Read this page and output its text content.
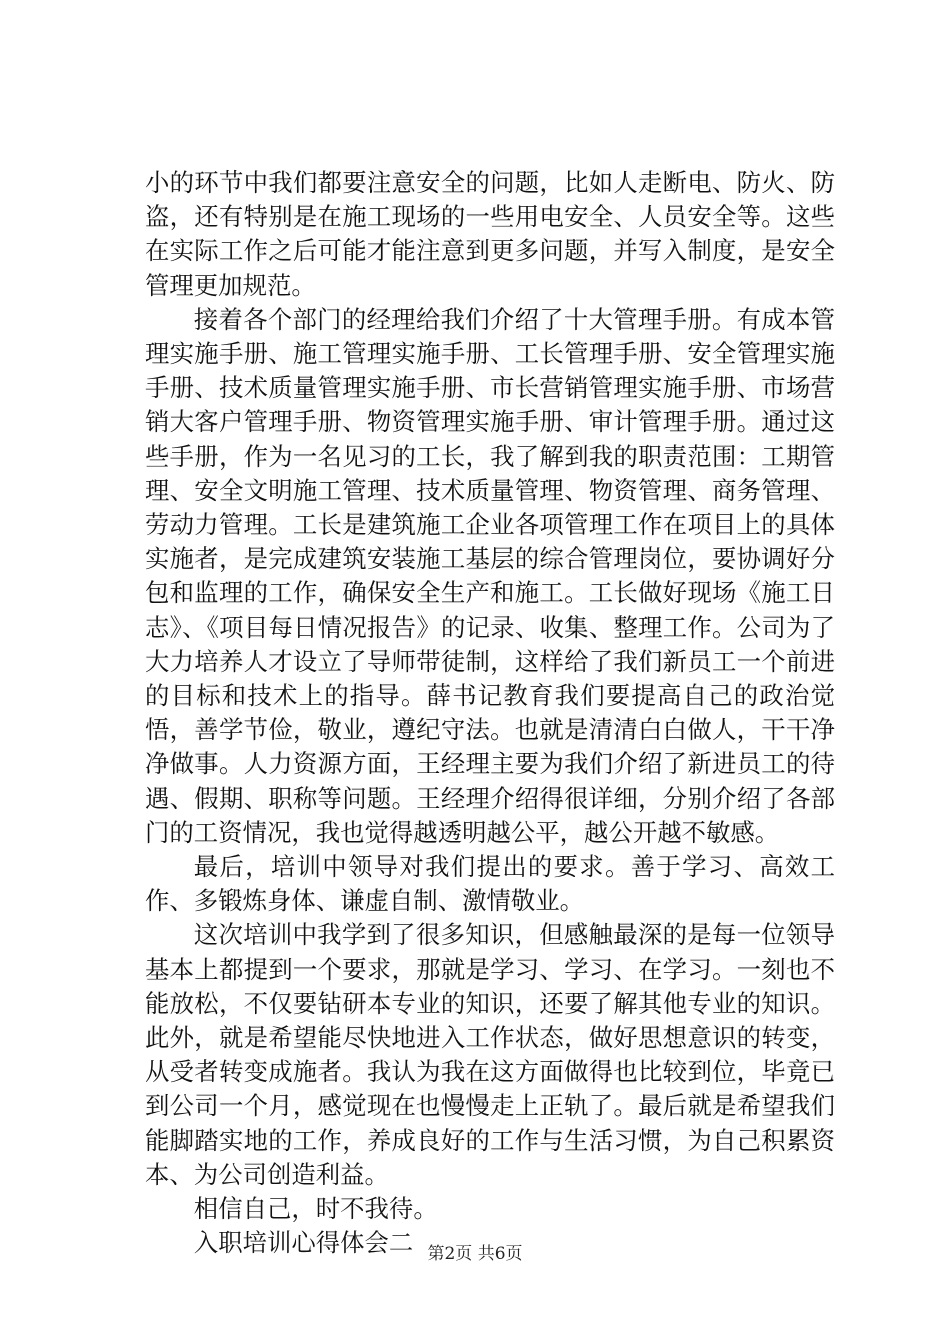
小的环节中我们都要注意安全的问题，比如人走断电、防火、防盗，还有特别是在施工现场的一些用电安全、人员安全等。这些在实际工作之后可能才能注意到更多问题，并写入制度，是安全管理更加规范。

接着各个部门的经理给我们介绍了十大管理手册。有成本管理实施手册、施工管理实施手册、工长管理手册、安全管理实施手册、技术质量管理实施手册、市长营销管理实施手册、市场营销大客户管理手册、物资管理实施手册、审计管理手册。通过这些手册，作为一名见习的工长，我了解到我的职责范围：工期管理、安全文明施工管理、技术质量管理、物资管理、商务管理、劳动力管理。工长是建筑施工企业各项管理工作在项目上的具体实施者，是完成建筑安装施工基层的综合管理岗位，要协调好分包和监理的工作，确保安全生产和施工。工长做好现场《施工日志》、《项目每日情况报告》的记录、收集、整理工作。公司为了大力培养人才设立了导师带徒制，这样给了我们新员工一个前进的目标和技术上的指导。薛书记教育我们要提高自己的政治觉悟，善学节俭，敬业，遵纪守法。也就是清清白白做人，干干净净做事。人力资源方面，王经理主要为我们介绍了新进员工的待遇、假期、职称等问题。王经理介绍得很详细，分别介绍了各部门的工资情况，我也觉得越透明越公平，越公开越不敏感。

最后，培训中领导对我们提出的要求。善于学习、高效工作、多锻炼身体、谦虚自制、激情敬业。

这次培训中我学到了很多知识，但感触最深的是每一位领导基本上都提到一个要求，那就是学习、学习、在学习。一刻也不能放松，不仅要钻研本专业的知识，还要了解其他专业的知识。此外，就是希望能尽快地进入工作状态，做好思想意识的转变，从受者转变成施者。我认为我在这方面做得也比较到位，毕竟已到公司一个月，感觉现在也慢慢走上正轨了。最后就是希望我们能脚踏实地的工作，养成良好的工作与生活习惯，为自己积累资本、为公司创造利益。

相信自己，时不我待。

入职培训心得体会二 第2页 共6页
